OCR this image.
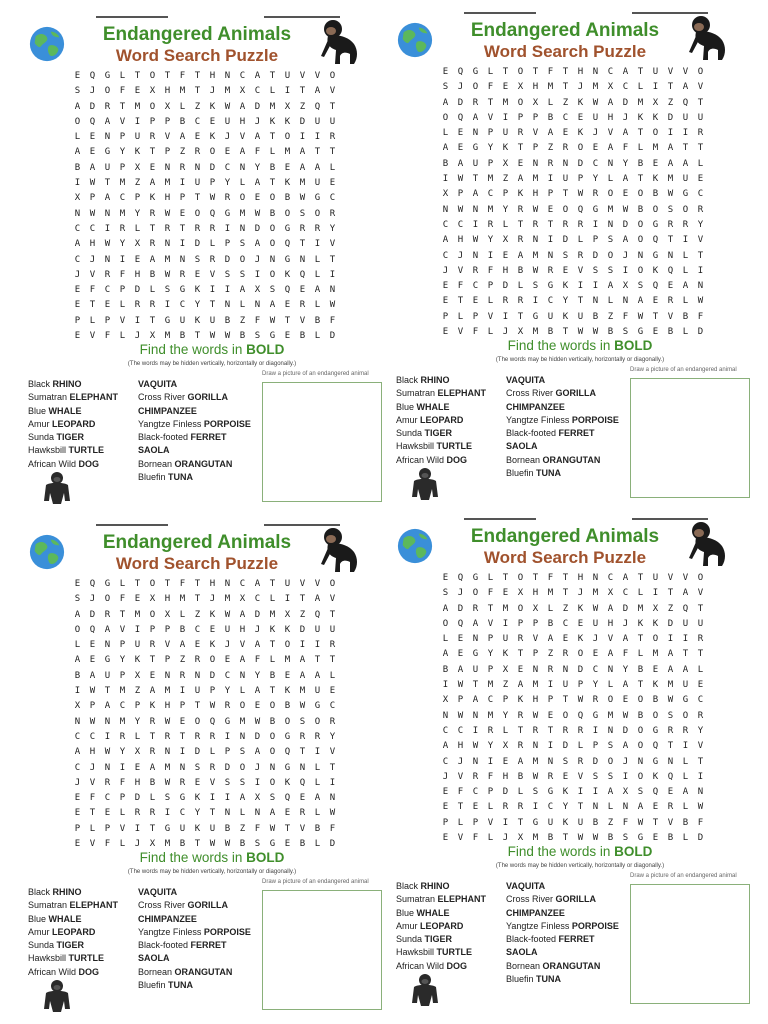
Endangered Animals
Word Search Puzzle
E	Q	G	L	T	O	T	F	T	H	N	C	A	T	U	V	V	O
S	J	O	F	E	X	H	M	T	J	M	X	C	L	I	T	A	V
A	D	R	T	M	O	X	L	Z	K	W	A	D	M	X	Z	Q	T
O	Q	A	V	I	P	P	B	C	E	U	H	J	K	K	D	U	U
L	E	N	P	U	R	V	A	E	K	J	V	A	T	O	I	I	R
A	E	G	Y	K	T	P	Z	R	O	E	A	F	L	M	A	T	T
B	A	U	P	X	E	N	R	N	D	C	N	Y	B	E	A	A	L
I	W	T	M	Z	A	M	I	U	P	Y	L	A	T	K	M	U	E
X	P	A	C	P	K	H	P	T	W	R	O	E	O	B	W	G	C
N	W	N	M	Y	R	W	E	O	Q	G	M	W	B	O	S	O	R
C	C	I	R	L	T	R	T	R	R	I	N	D	O	G	R	R	Y
A	H	W	Y	X	R	N	I	D	L	P	S	A	O	Q	T	I	V
C	J	N	I	E	A	M	N	S	R	D	O	J	N	G	N	L	T
J	V	R	F	H	B	W	R	E	V	S	S	I	O	K	Q	L	I
E	F	C	P	D	L	S	G	K	I	I	A	X	S	Q	E	A	N
E	T	E	L	R	R	I	C	Y	T	N	L	N	A	E	R	L	W
P	L	P	V	I	T	G	U	K	U	B	Z	F	W	T	V	B	F
E	V	F	L	J	X	M	B	T	W	W	B	S	G	E	B	L	D
Find the words in BOLD
(The words may be hidden vertically, horizontally or diagonally.)
Black RHINO
Sumatran ELEPHANT
Blue WHALE
Amur LEOPARD
Sunda TIGER
Hawksbill TURTLE
African Wild DOG
VAQUITA
Cross River GORILLA
CHIMPANZEE
Yangtze Finless PORPOISE
Black-footed FERRET
SAOLA
Bornean ORANGUTAN
Bluefin TUNA
Draw a picture of an endangered animal
Endangered Animals
Word Search Puzzle
E	Q	G	L	T	O	T	F	T	H	N	C	A	T	U	V	V	O
S	J	O	F	E	X	H	M	T	J	M	X	C	L	I	T	A	V
A	D	R	T	M	O	X	L	Z	K	W	A	D	M	X	Z	Q	T
O	Q	A	V	I	P	P	B	C	E	U	H	J	K	K	D	U	U
L	E	N	P	U	R	V	A	E	K	J	V	A	T	O	I	I	R
A	E	G	Y	K	T	P	Z	R	O	E	A	F	L	M	A	T	T
B	A	U	P	X	E	N	R	N	D	C	N	Y	B	E	A	A	L
I	W	T	M	Z	A	M	I	U	P	Y	L	A	T	K	M	U	E
X	P	A	C	P	K	H	P	T	W	R	O	E	O	B	W	G	C
N	W	N	M	Y	R	W	E	O	Q	G	M	W	B	O	S	O	R
C	C	I	R	L	T	R	T	R	R	I	N	D	O	G	R	R	Y
A	H	W	Y	X	R	N	I	D	L	P	S	A	O	Q	T	I	V
C	J	N	I	E	A	M	N	S	R	D	O	J	N	G	N	L	T
J	V	R	F	H	B	W	R	E	V	S	S	I	O	K	Q	L	I
E	F	C	P	D	L	S	G	K	I	I	A	X	S	Q	E	A	N
E	T	E	L	R	R	I	C	Y	T	N	L	N	A	E	R	L	W
P	L	P	V	I	T	G	U	K	U	B	Z	F	W	T	V	B	F
E	V	F	L	J	X	M	B	T	W	W	B	S	G	E	B	L	D
Find the words in BOLD
(The words may be hidden vertically, horizontally or diagonally.)
Black RHINO
Sumatran ELEPHANT
Blue WHALE
Amur LEOPARD
Sunda TIGER
Hawksbill TURTLE
African Wild DOG
VAQUITA
Cross River GORILLA
CHIMPANZEE
Yangtze Finless PORPOISE
Black-footed FERRET
SAOLA
Bornean ORANGUTAN
Bluefin TUNA
Draw a picture of an endangered animal
Endangered Animals
Word Search Puzzle
E	Q	G	L	T	O	T	F	T	H	N	C	A	T	U	V	V	O
S	J	O	F	E	X	H	M	T	J	M	X	C	L	I	T	A	V
A	D	R	T	M	O	X	L	Z	K	W	A	D	M	X	Z	Q	T
O	Q	A	V	I	P	P	B	C	E	U	H	J	K	K	D	U	U
L	E	N	P	U	R	V	A	E	K	J	V	A	T	O	I	I	R
A	E	G	Y	K	T	P	Z	R	O	E	A	F	L	M	A	T	T
B	A	U	P	X	E	N	R	N	D	C	N	Y	B	E	A	A	L
I	W	T	M	Z	A	M	I	U	P	Y	L	A	T	K	M	U	E
X	P	A	C	P	K	H	P	T	W	R	O	E	O	B	W	G	C
N	W	N	M	Y	R	W	E	O	Q	G	M	W	B	O	S	O	R
C	C	I	R	L	T	R	T	R	R	I	N	D	O	G	R	R	Y
A	H	W	Y	X	R	N	I	D	L	P	S	A	O	Q	T	I	V
C	J	N	I	E	A	M	N	S	R	D	O	J	N	G	N	L	T
J	V	R	F	H	B	W	R	E	V	S	S	I	O	K	Q	L	I
E	F	C	P	D	L	S	G	K	I	I	A	X	S	Q	E	A	N
E	T	E	L	R	R	I	C	Y	T	N	L	N	A	E	R	L	W
P	L	P	V	I	T	G	U	K	U	B	Z	F	W	T	V	B	F
E	V	F	L	J	X	M	B	T	W	W	B	S	G	E	B	L	D
Find the words in BOLD
(The words may be hidden vertically, horizontally or diagonally.)
Black RHINO
Sumatran ELEPHANT
Blue WHALE
Amur LEOPARD
Sunda TIGER
Hawksbill TURTLE
African Wild DOG
VAQUITA
Cross River GORILLA
CHIMPANZEE
Yangtze Finless PORPOISE
Black-footed FERRET
SAOLA
Bornean ORANGUTAN
Bluefin TUNA
Draw a picture of an endangered animal
Endangered Animals
Word Search Puzzle
E	Q	G	L	T	O	T	F	T	H	N	C	A	T	U	V	V	O
S	J	O	F	E	X	H	M	T	J	M	X	C	L	I	T	A	V
A	D	R	T	M	O	X	L	Z	K	W	A	D	M	X	Z	Q	T
O	Q	A	V	I	P	P	B	C	E	U	H	J	K	K	D	U	U
L	E	N	P	U	R	V	A	E	K	J	V	A	T	O	I	I	R
A	E	G	Y	K	T	P	Z	R	O	E	A	F	L	M	A	T	T
B	A	U	P	X	E	N	R	N	D	C	N	Y	B	E	A	A	L
I	W	T	M	Z	A	M	I	U	P	Y	L	A	T	K	M	U	E
X	P	A	C	P	K	H	P	T	W	R	O	E	O	B	W	G	C
N	W	N	M	Y	R	W	E	O	Q	G	M	W	B	O	S	O	R
C	C	I	R	L	T	R	T	R	R	I	N	D	O	G	R	R	Y
A	H	W	Y	X	R	N	I	D	L	P	S	A	O	Q	T	I	V
C	J	N	I	E	A	M	N	S	R	D	O	J	N	G	N	L	T
J	V	R	F	H	B	W	R	E	V	S	S	I	O	K	Q	L	I
E	F	C	P	D	L	S	G	K	I	I	A	X	S	Q	E	A	N
E	T	E	L	R	R	I	C	Y	T	N	L	N	A	E	R	L	W
P	L	P	V	I	T	G	U	K	U	B	Z	F	W	T	V	B	F
E	V	F	L	J	X	M	B	T	W	W	B	S	G	E	B	L	D
Find the words in BOLD
(The words may be hidden vertically, horizontally or diagonally.)
Black RHINO
Sumatran ELEPHANT
Blue WHALE
Amur LEOPARD
Sunda TIGER
Hawksbill TURTLE
African Wild DOG
VAQUITA
Cross River GORILLA
CHIMPANZEE
Yangtze Finless PORPOISE
Black-footed FERRET
SAOLA
Bornean ORANGUTAN
Bluefin TUNA
Draw a picture of an endangered animal
